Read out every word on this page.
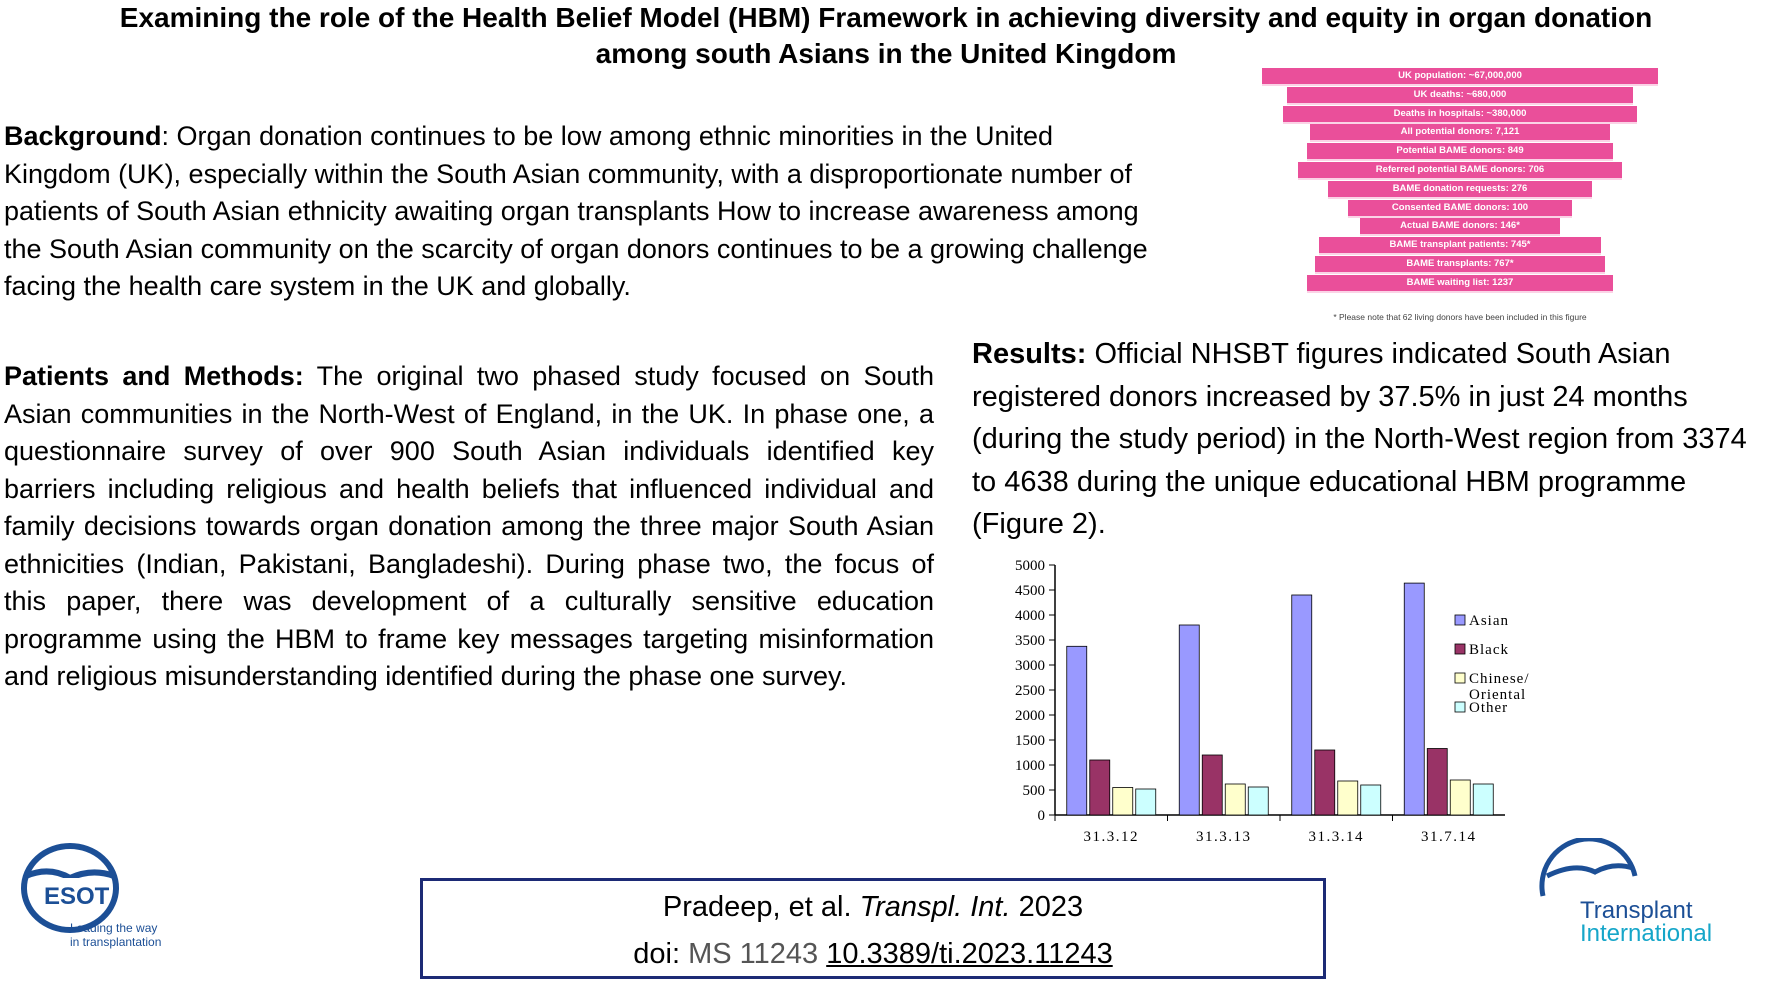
Examining the role of the Health Belief Model (HBM) Framework in achieving diversity and equity in organ donation
among south Asians in the United Kingdom

Background: Organ donation continues to be low among ethnic minorities in the United Kingdom (UK), especially within the South Asian community, with a disproportionate number of patients of South Asian ethnicity awaiting organ transplants How to increase awareness among the South Asian community on the scarcity of organ donors continues to be a growing challenge facing the health care system in the UK and globally.

Patients and Methods: The original two phased study focused on South Asian communities in the North-West of England, in the UK. In phase one, a questionnaire survey of over 900 South Asian individuals identified key barriers including religious and health beliefs that influenced individual and family decisions towards organ donation among the three major South Asian ethnicities (Indian, Pakistani, Bangladeshi). During phase two, the focus of this paper, there was development of a culturally sensitive education programme using the HBM to frame key messages targeting misinformation and religious misunderstanding identified during the phase one survey.

Results: Official NHSBT figures indicated South Asian registered donors increased by 37.5% in just 24 months (during the study period) in the North-West region from 3374 to 4638 during the unique educational HBM programme (Figure 2).

UK population: ~67,000,000
UK deaths: ~680,000
Deaths in hospitals: ~380,000
All potential donors: 7,121
Potential BAME donors: 849
Referred potential BAME donors: 706
BAME donation requests: 276
Consented BAME donors: 100
Actual BAME donors: 146*
BAME transplant patients: 745*
BAME transplants: 767*
BAME waiting list: 1237
* Please note that 62 living donors have been included in this figure
0
500
1000
1500
2000
2500
3000
3500
4000
4500
5000
31.3.12	31.3.13	31.3.14	31.7.14
Asian
Black
Chinese/ Oriental
Other
ESOT
Leading the way
in transplantation
Transplant
International
Pradeep, et al. Transpl. Int. 2023
doi: MS 11243 10.3389/ti.2023.11243
